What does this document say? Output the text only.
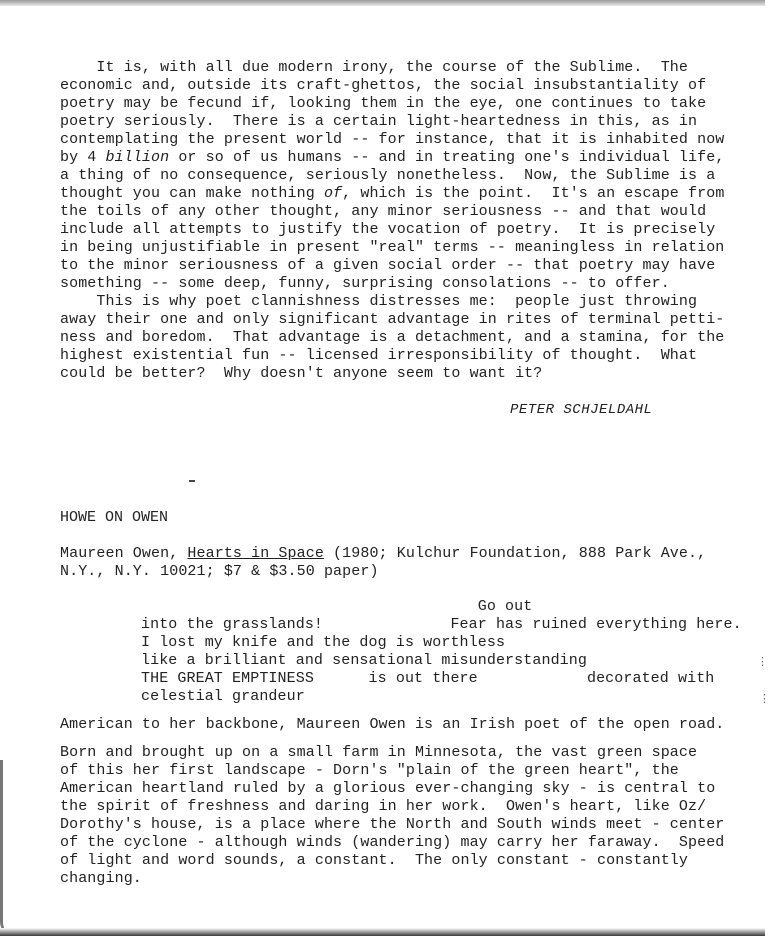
It is, with all due modern irony, the course of the Sublime.  The
economic and, outside its craft-ghettos, the social insubstantiality of
poetry may be fecund if, looking them in the eye, one continues to take
poetry seriously.  There is a certain light-heartedness in this, as in
contemplating the present world -- for instance, that it is inhabited now
by 4 billion or so of us humans -- and in treating one's individual life,
a thing of no consequence, seriously nonetheless.  Now, the Sublime is a
thought you can make nothing of, which is the point.  It's an escape from
the toils of any other thought, any minor seriousness -- and that would
include all attempts to justify the vocation of poetry.  It is precisely
in being unjustifiable in present "real" terms -- meaningless in relation
to the minor seriousness of a given social order -- that poetry may have
something -- some deep, funny, surprising consolations -- to offer.
This is why poet clannishness distresses me:  people just throwing
away their one and only significant advantage in rites of terminal petti-
ness and boredom.  That advantage is a detachment, and a stamina, for the
highest existential fun -- licensed irresponsibility of thought.  What
could be better?  Why doesn't anyone seem to want it?
PETER SCHJELDAHL
HOWE ON OWEN
Maureen Owen, Hearts in Space (1980; Kulchur Foundation, 888 Park Ave.,
N.Y., N.Y. 10021; $7 & $3.50 paper)
Go out
into the grasslands!              Fear has ruined everything here.
I lost my knife and the dog is worthless
like a brilliant and sensational misunderstanding
THE GREAT EMPTINESS      is out there            decorated with
celestial grandeur
American to her backbone, Maureen Owen is an Irish poet of the open road.
Born and brought up on a small farm in Minnesota, the vast green space
of this her first landscape - Dorn's "plain of the green heart", the
American heartland ruled by a glorious ever-changing sky - is central to
the spirit of freshness and daring in her work.  Owen's heart, like Oz/
Dorothy's house, is a place where the North and South winds meet - center
of the cyclone - although winds (wandering) may carry her faraway.  Speed
of light and word sounds, a constant.  The only constant - constantly
changing.
⋮
⋮
